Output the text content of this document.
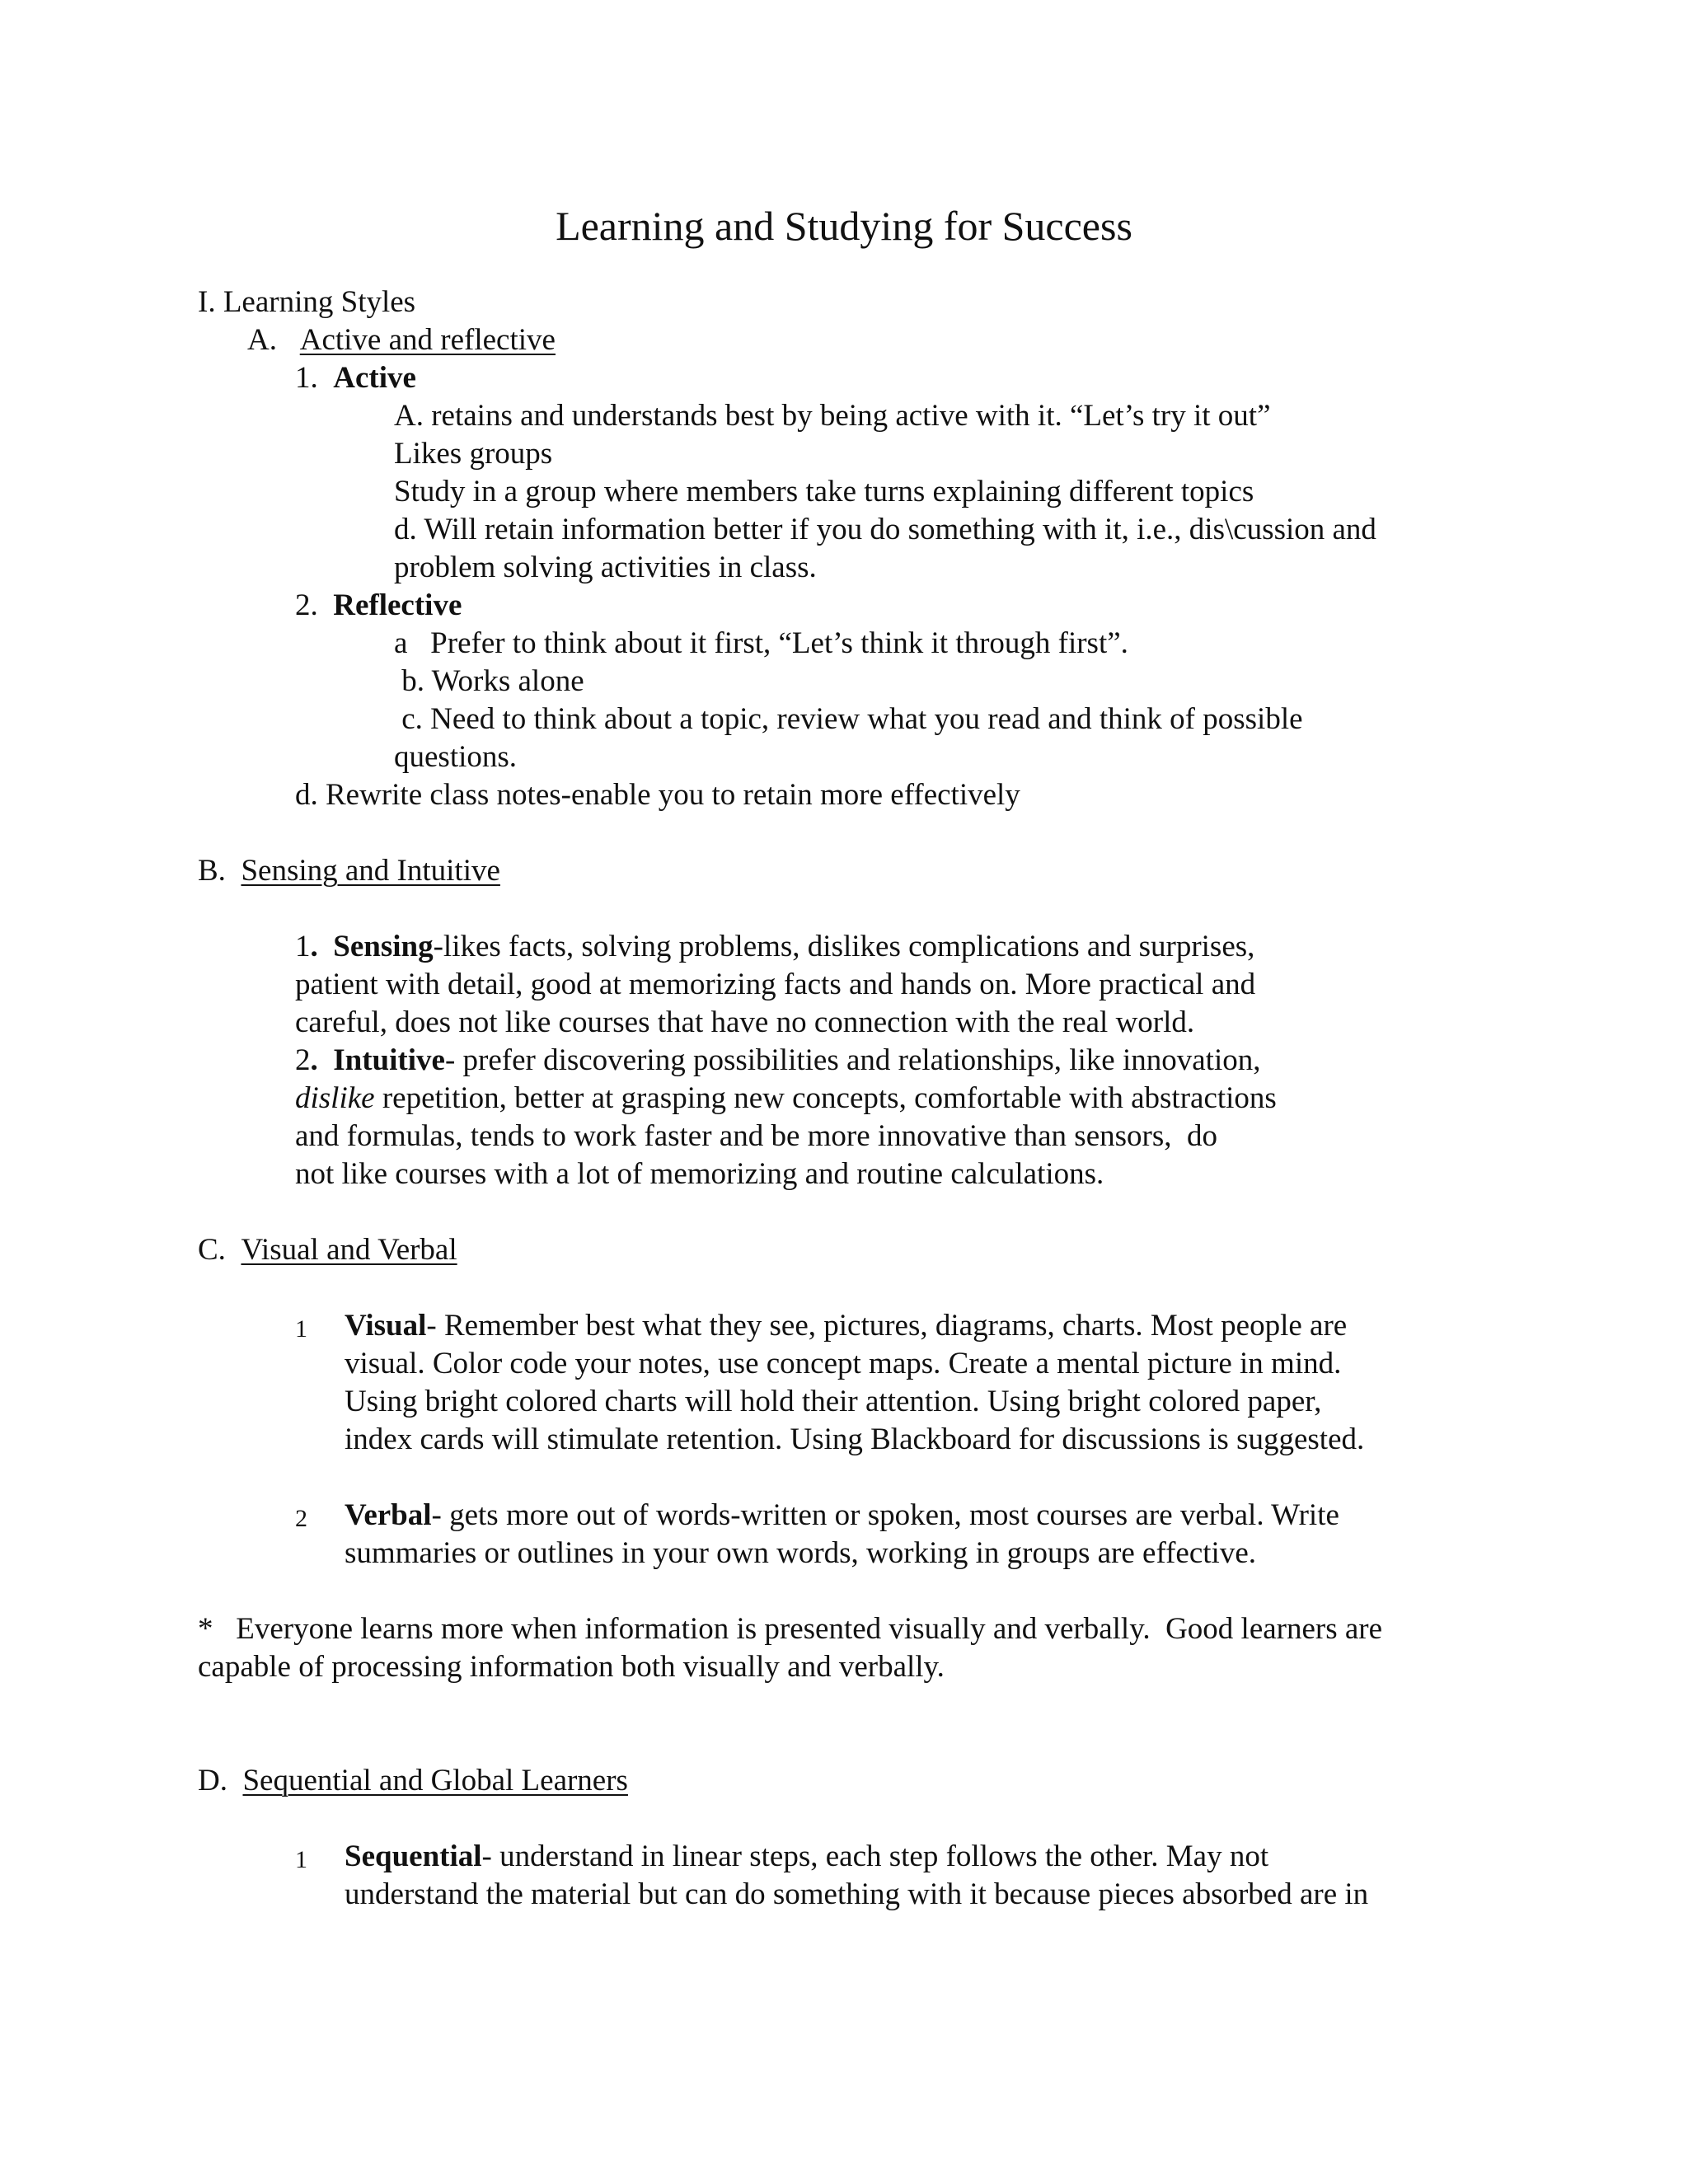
Learning and Studying for Success
I. Learning Styles
A. Active and reflective
1. Active
A. retains and understands best by being active with it. “Let’s try it out”
Likes groups
Study in a group where members take turns explaining different topics
d. Will retain information better if you do something with it, i.e., dis\cussion and
problem solving activities in class.
2. Reflective
a   Prefer to think about it first, “Let’s think it through first”.
b. Works alone
c. Need to think about a topic, review what you read and think of possible
questions.
d. Rewrite class notes-enable you to retain more effectively
B. Sensing and Intuitive
1. Sensing-likes facts, solving problems, dislikes complications and surprises,
patient with detail, good at memorizing facts and hands on. More practical and
careful, does not like courses that have no connection with the real world.
2. Intuitive- prefer discovering possibilities and relationships, like innovation,
dislike repetition, better at grasping new concepts, comfortable with abstractions
and formulas, tends to work faster and be more innovative than sensors,  do
not like courses with a lot of memorizing and routine calculations.
C. Visual and Verbal
1 Visual- Remember best what they see, pictures, diagrams, charts. Most people are
visual. Color code your notes, use concept maps. Create a mental picture in mind.
Using bright colored charts will hold their attention. Using bright colored paper,
index cards will stimulate retention. Using Blackboard for discussions is suggested.
2 Verbal- gets more out of words-written or spoken, most courses are verbal. Write
summaries or outlines in your own words, working in groups are effective.
*   Everyone learns more when information is presented visually and verbally.  Good learners are
capable of processing information both visually and verbally.
D. Sequential and Global Learners
1 Sequential- understand in linear steps, each step follows the other. May not
understand the material but can do something with it because pieces absorbed are in
